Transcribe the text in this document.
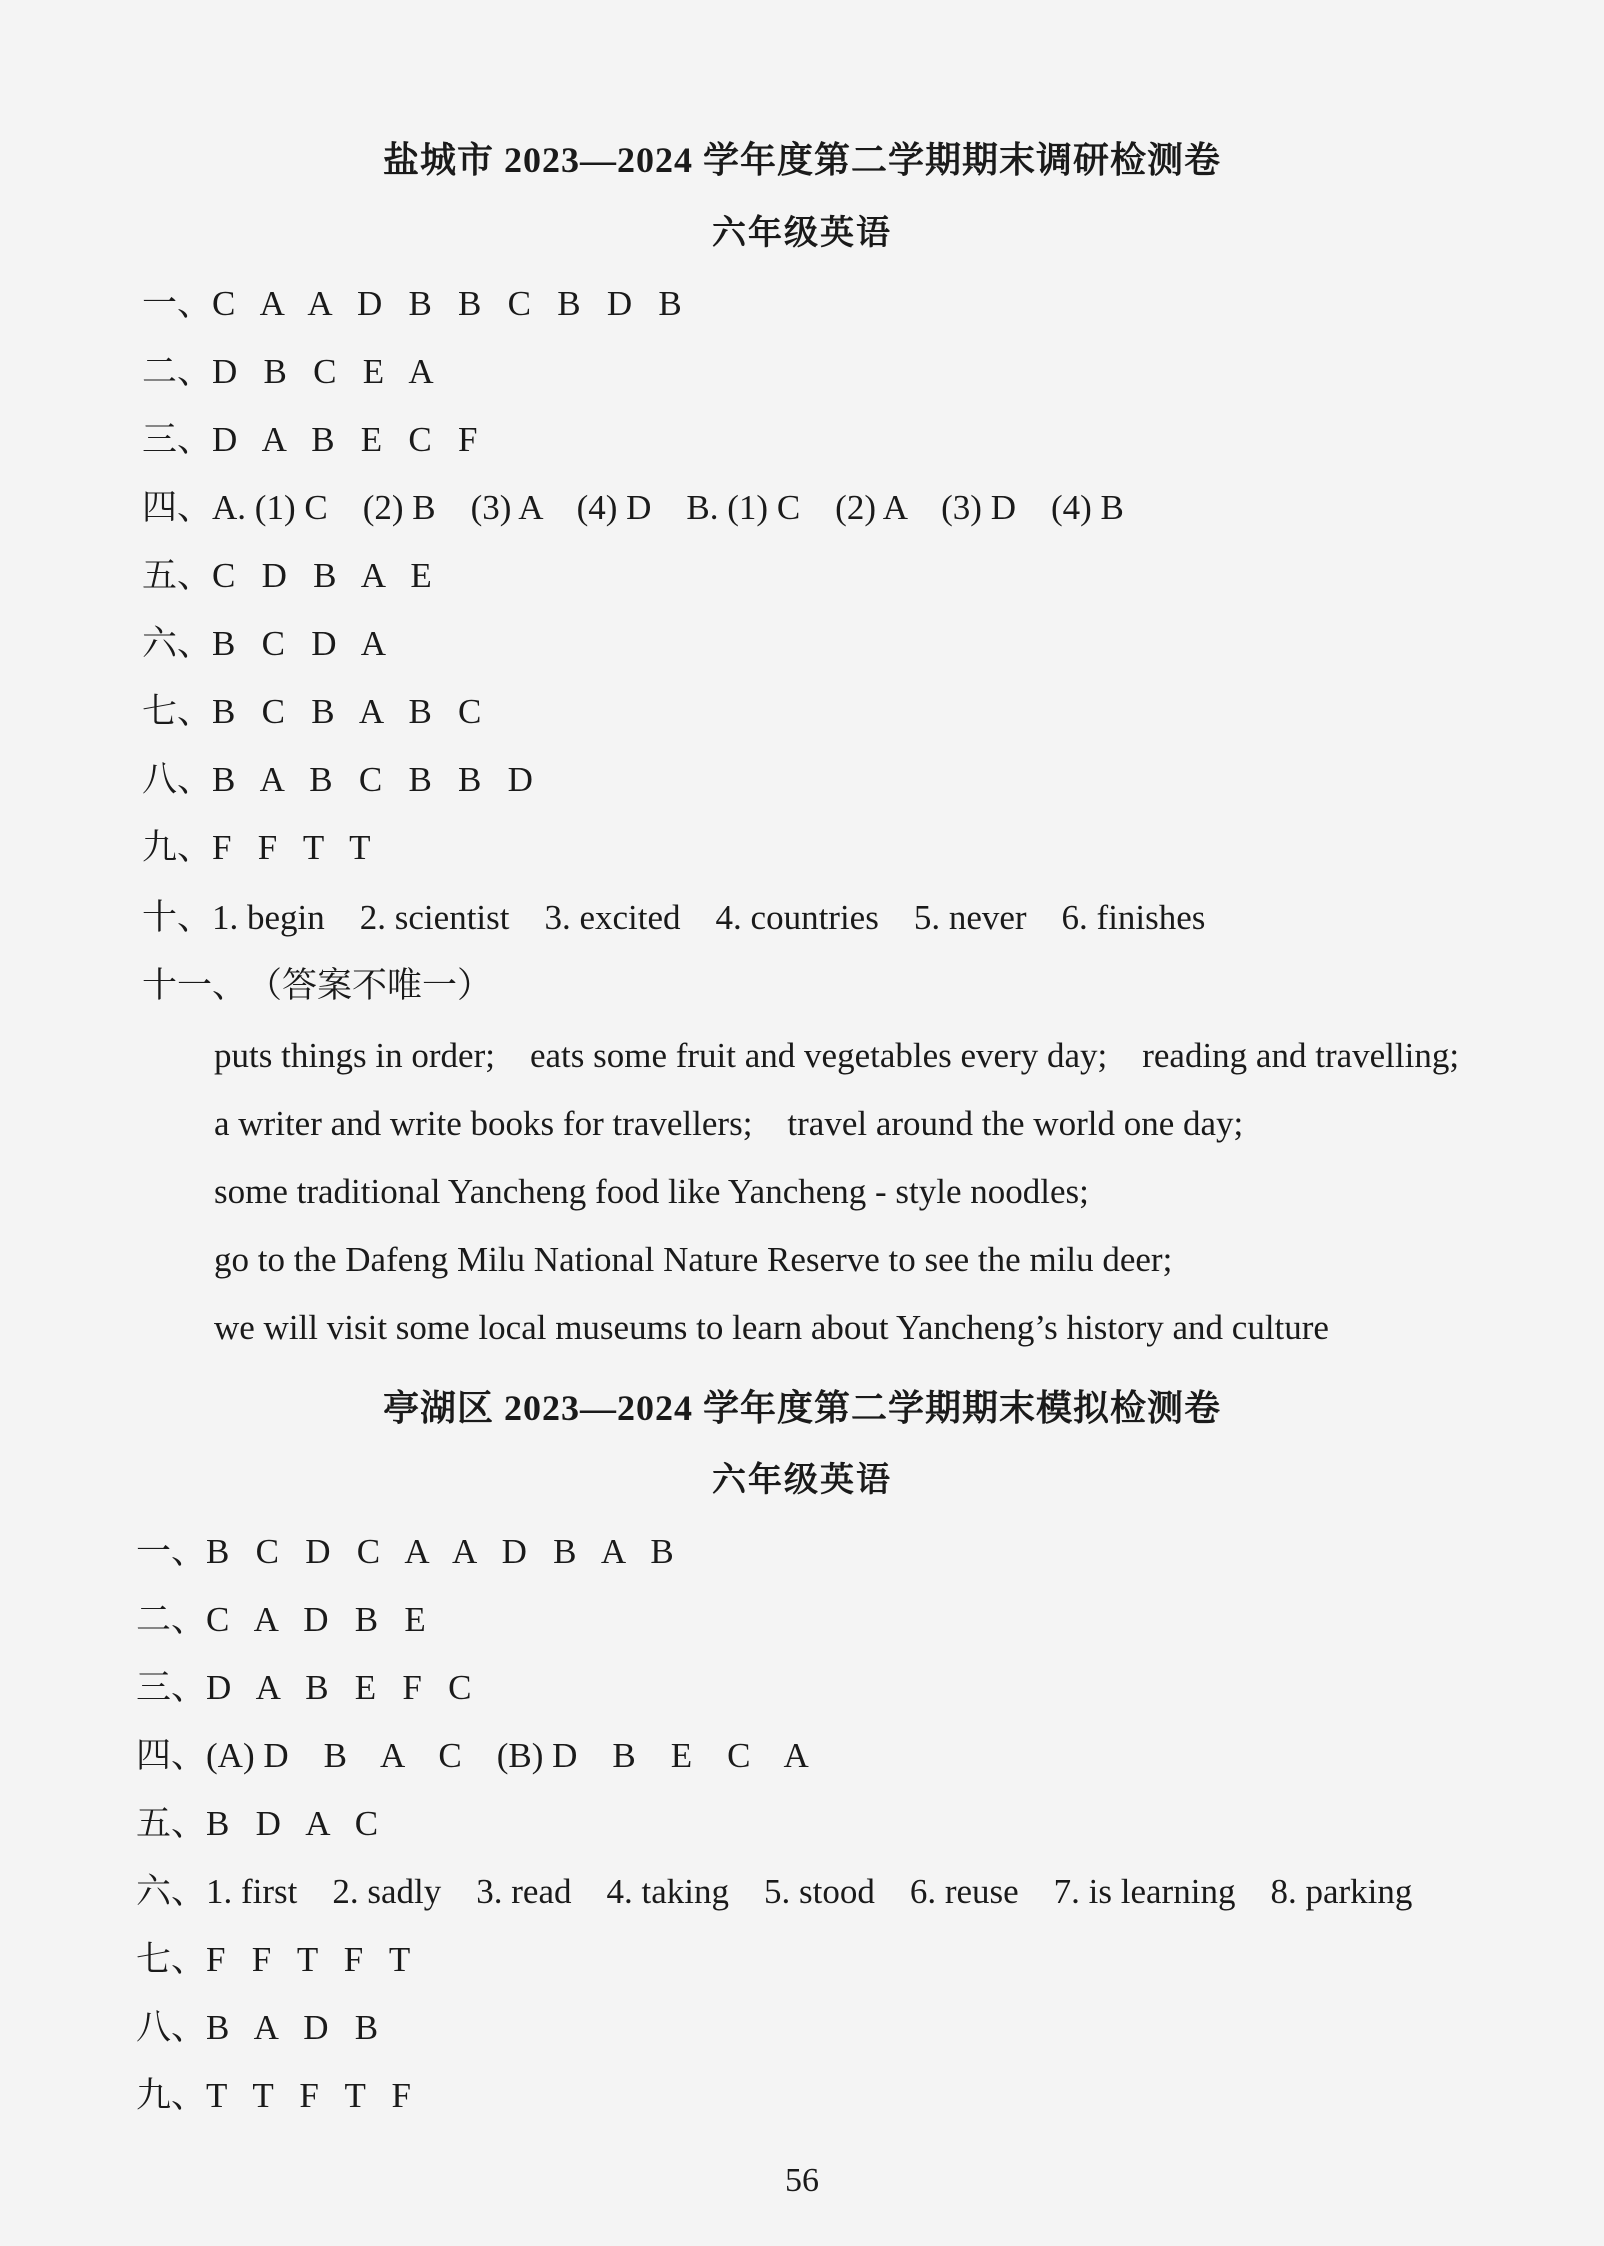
盐城市 2023—2024 学年度第二学期期末调研检测卷
六年级英语
一、C   A   A   D   B   B   C   B   D   B
二、D   B   C   E   A
三、D   A   B   E   C   F
四、A. (1) C    (2) B    (3) A    (4) D    B. (1) C    (2) A    (3) D    (4) B
五、C   D   B   A   E
六、B   C   D   A
七、B   C   B   A   B   C
八、B   A   B   C   B   B   D
九、F   F   T   T
十、1. begin    2. scientist    3. excited    4. countries    5. never    6. finishes
十一、（答案不唯一）
puts things in order;    eats some fruit and vegetables every day;    reading and travelling;
a writer and write books for travellers;    travel around the world one day;
some traditional Yancheng food like Yancheng - style noodles;
go to the Dafeng Milu National Nature Reserve to see the milu deer;
we will visit some local museums to learn about Yancheng’s history and culture
亭湖区 2023—2024 学年度第二学期期末模拟检测卷
六年级英语
一、B   C   D   C   A   A   D   B   A   B
二、C   A   D   B   E
三、D   A   B   E   F   C
四、(A) D    B    A    C    (B) D    B    E    C    A
五、B   D   A   C
六、1. first    2. sadly    3. read    4. taking    5. stood    6. reuse    7. is learning    8. parking
七、F   F   T   F   T
八、B   A   D   B
九、T   T   F   T   F
56
